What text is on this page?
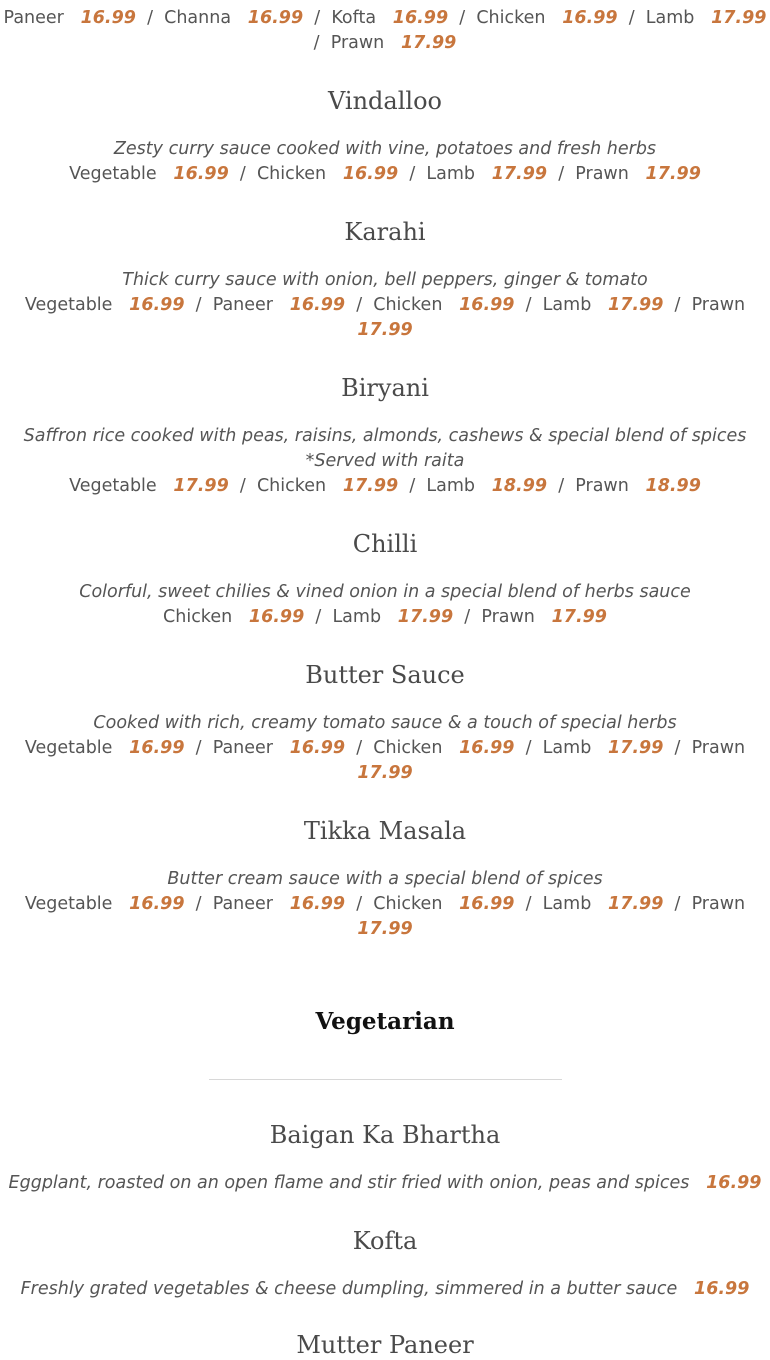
Paneer 16.99 / Channa 16.99 / Kofta 16.99 / Chicken 16.99 / Lamb 17.99
/ Prawn 17.99
Vindalloo
Zesty curry sauce cooked with vine, potatoes and fresh herbs
Vegetable 16.99 / Chicken 16.99 / Lamb 17.99 / Prawn 17.99
Karahi
Thick curry sauce with onion, bell peppers, ginger & tomato
Vegetable 16.99 / Paneer 16.99 / Chicken 16.99 / Lamb 17.99 / Prawn
17.99
Biryani
Saffron rice cooked with peas, raisins, almonds, cashews & special blend of spices
*Served with raita
Vegetable 17.99 / Chicken 17.99 / Lamb 18.99 / Prawn 18.99
Chilli
Colorful, sweet chilies & vined onion in a special blend of herbs sauce
Chicken 16.99 / Lamb 17.99 / Prawn 17.99
Butter Sauce
Cooked with rich, creamy tomato sauce & a touch of special herbs
Vegetable 16.99 / Paneer 16.99 / Chicken 16.99 / Lamb 17.99 / Prawn
17.99
Tikka Masala
Butter cream sauce with a special blend of spices
Vegetable 16.99 / Paneer 16.99 / Chicken 16.99 / Lamb 17.99 / Prawn
17.99
Vegetarian
Baigan Ka Bhartha
Eggplant, roasted on an open flame and stir fried with onion, peas and spices 16.99
Kofta
Freshly grated vegetables & cheese dumpling, simmered in a butter sauce 16.99
Mutter Paneer
